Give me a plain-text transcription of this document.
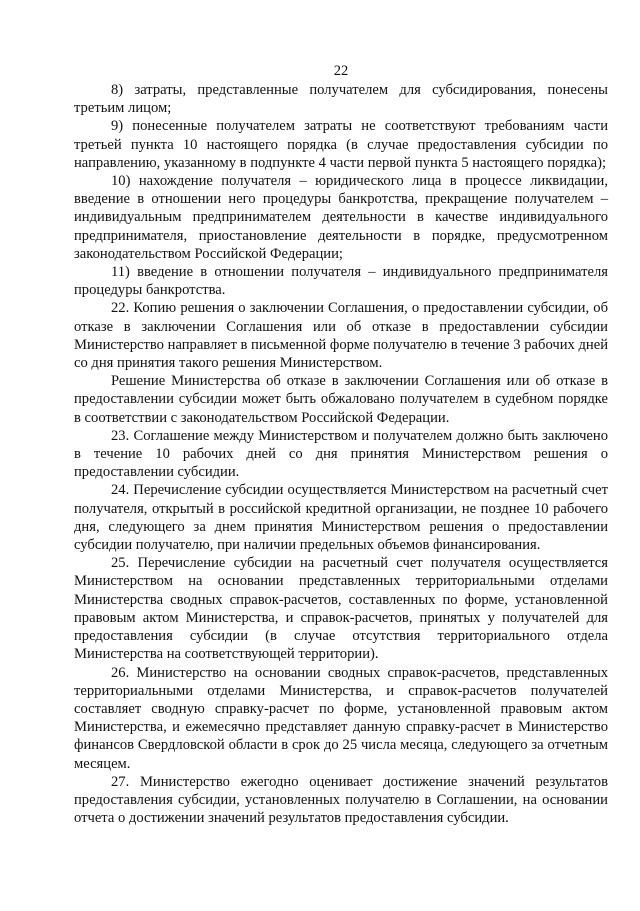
22

8) затраты, представленные получателем для субсидирования, понесены третьим лицом;

9) понесенные получателем затраты не соответствуют требованиям части третьей пункта 10 настоящего порядка (в случае предоставления субсидии по направлению, указанному в подпункте 4 части первой пункта 5 настоящего порядка);

10) нахождение получателя – юридического лица в процессе ликвидации, введение в отношении него процедуры банкротства, прекращение получателем – индивидуальным предпринимателем деятельности в качестве индивидуального предпринимателя, приостановление деятельности в порядке, предусмотренном законодательством Российской Федерации;

11) введение в отношении получателя – индивидуального предпринимателя процедуры банкротства.

22. Копию решения о заключении Соглашения, о предоставлении субсидии, об отказе в заключении Соглашения или об отказе в предоставлении субсидии Министерство направляет в письменной форме получателю в течение 3 рабочих дней со дня принятия такого решения Министерством.

Решение Министерства об отказе в заключении Соглашения или об отказе в предоставлении субсидии может быть обжаловано получателем в судебном порядке в соответствии с законодательством Российской Федерации.

23. Соглашение между Министерством и получателем должно быть заключено в течение 10 рабочих дней со дня принятия Министерством решения о предоставлении субсидии.

24. Перечисление субсидии осуществляется Министерством на расчетный счет получателя, открытый в российской кредитной организации, не позднее 10 рабочего дня, следующего за днем принятия Министерством решения о предоставлении субсидии получателю, при наличии предельных объемов финансирования.

25. Перечисление субсидии на расчетный счет получателя осуществляется Министерством на основании представленных территориальными отделами Министерства сводных справок-расчетов, составленных по форме, установленной правовым актом Министерства, и справок-расчетов, принятых у получателей для предоставления субсидии (в случае отсутствия территориального отдела Министерства на соответствующей территории).

26. Министерство на основании сводных справок-расчетов, представленных территориальными отделами Министерства, и справок-расчетов получателей составляет сводную справку-расчет по форме, установленной правовым актом Министерства, и ежемесячно представляет данную справку-расчет в Министерство финансов Свердловской области в срок до 25 числа месяца, следующего за отчетным месяцем.

27. Министерство ежегодно оценивает достижение значений результатов предоставления субсидии, установленных получателю в Соглашении, на основании отчета о достижении значений результатов предоставления субсидии.
